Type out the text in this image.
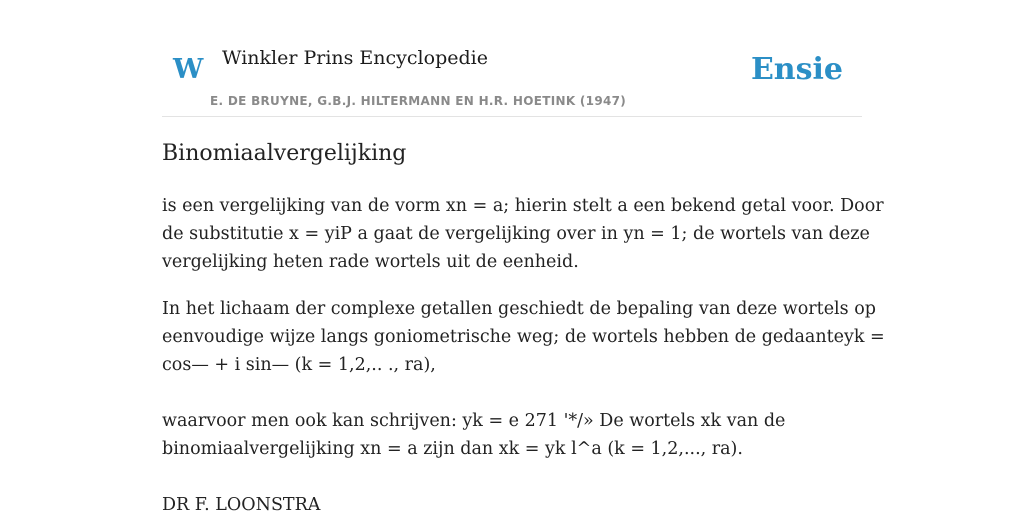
W Winkler Prins Encyclopedie
E. DE BRUYNE, G.B.J. HILTERMANN EN H.R. HOETINK (1947)
Ensie
Binomiaalvergelijking
is een vergelijking van de vorm xn = a; hierin stelt a een bekend getal voor. Door
de substitutie x = yiP a gaat de vergelijking over in yn = 1; de wortels van deze
vergelijking heten rade wortels uit de eenheid.
In het lichaam der complexe getallen geschiedt de bepaling van deze wortels op
eenvoudige wijze langs goniometrische weg; de wortels hebben de gedaanteyk =
cos— + i sin— (k = 1,2,.. ., ra),
waarvoor men ook kan schrijven: yk = e 271 '*/» De wortels xk van de
binomiaalvergelijking xn = a zijn dan xk = yk l^a (k = 1,2,..., ra).
DR F. LOONSTRA
